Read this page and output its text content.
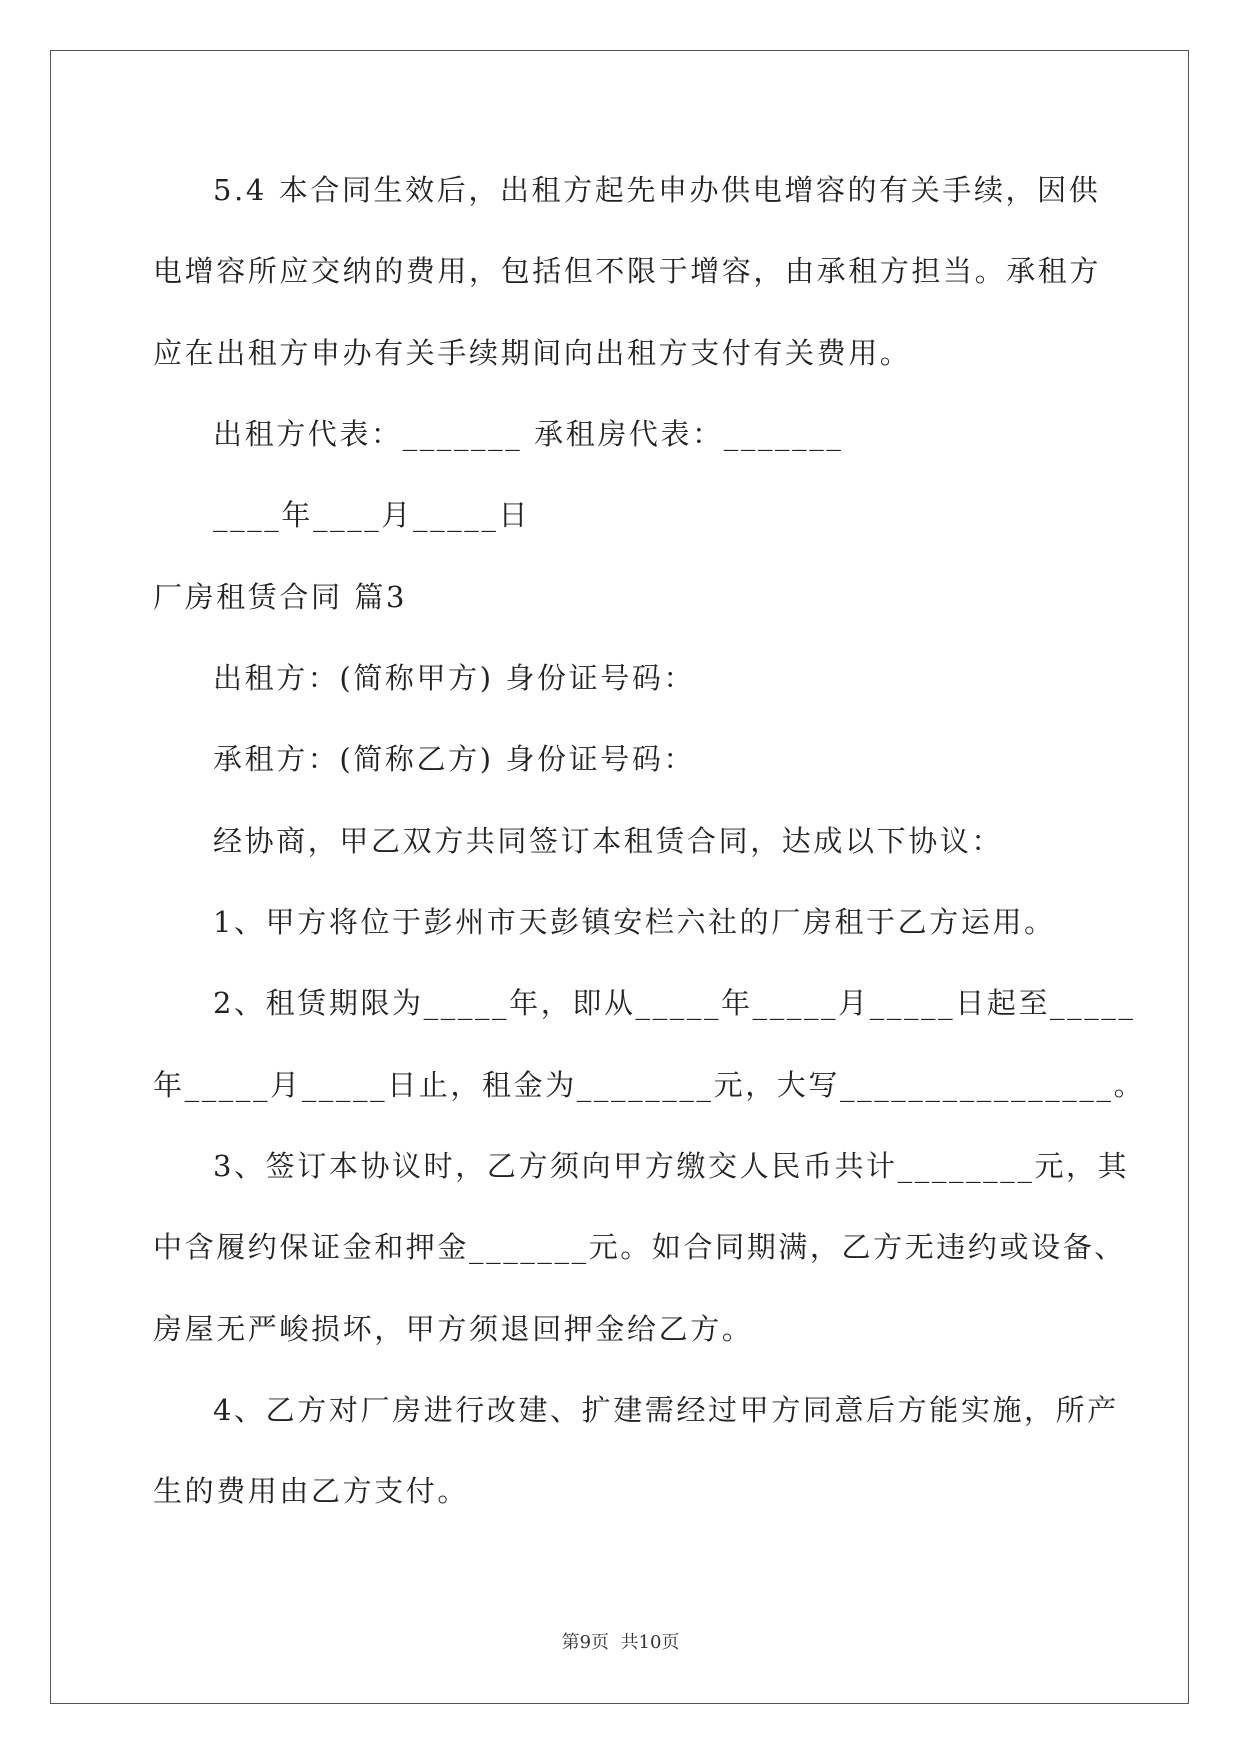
5.4 本合同生效后，出租方起先申办供电增容的有关手续，因供
电增容所应交纳的费用，包括但不限于增容，由承租方担当。承租方
应在出租方申办有关手续期间向出租方支付有关费用。
出租方代表：_______ 承租房代表：_______
____年____月_____日
厂房租赁合同 篇3
出租方：(简称甲方) 身份证号码：
承租方：(简称乙方) 身份证号码：
经协商，甲乙双方共同签订本租赁合同，达成以下协议：
1、甲方将位于彭州市天彭镇安栏六社的厂房租于乙方运用。
2、租赁期限为_____年，即从_____年_____月_____日起至_____
年_____月_____日止，租金为________元，大写________________。
3、签订本协议时，乙方须向甲方缴交人民币共计________元，其
中含履约保证金和押金_______元。如合同期满，乙方无违约或设备、
房屋无严峻损坏，甲方须退回押金给乙方。
4、乙方对厂房进行改建、扩建需经过甲方同意后方能实施，所产
生的费用由乙方支付。
第9页  共10页
